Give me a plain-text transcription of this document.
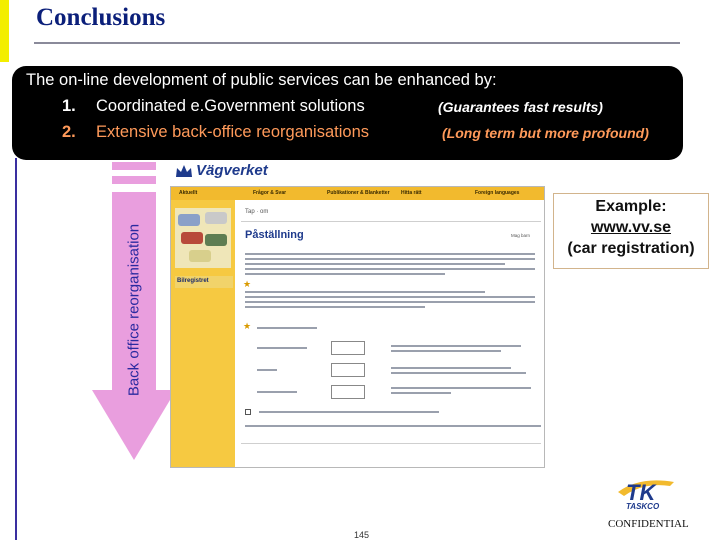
Conclusions
The on-line development of public services can be enhanced by:
1. Coordinated e.Government solutions	(Guarantees fast results)
2. Extensive back-office reorganisations	(Long term but more profound)
Back office reorganisation
Vägverket
Aktuellt	Frågor & Svar	Publikationer & Blanketter	Hitta rätt	Foreign languages
Bilregistret
Tap · om
Påställning	Mag barn
★
★
Example:
www.vv.se
(car registration)
TK
TASKCO
CONFIDENTIAL
145
